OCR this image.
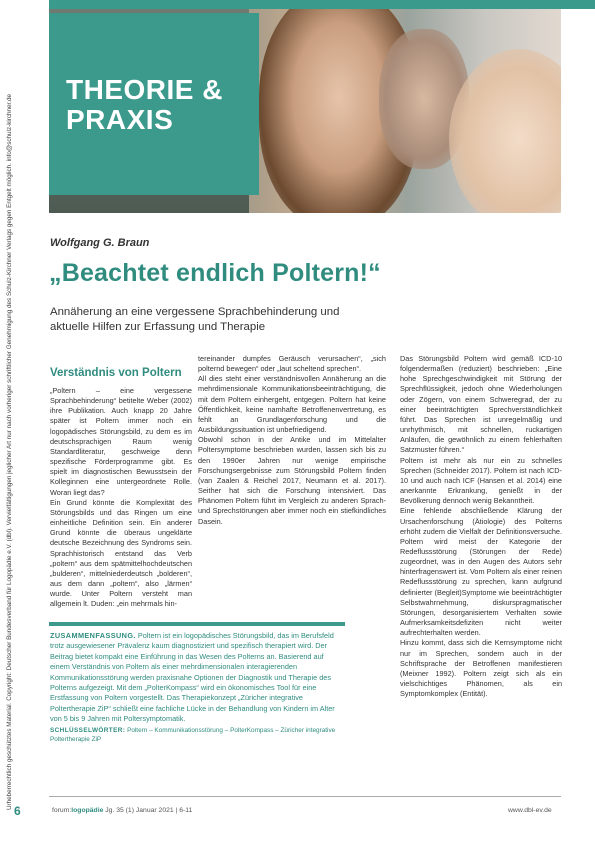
THEORIE &
PRAXIS
Urheberrechtlich geschütztes Material. Copyright: Deutscher Bundesverband für Logopädie e.V. (dbl). Vervielfältigungen jeglicher Art nur nach vorheriger schriftlicher Genehmigung des Schulz-Kirchner Verlags gegen Entgelt möglich. info@schulz-kirchner.de	Wolfgang G. Braun
„Beachtet endlich Poltern!“
Annäherung an eine vergessene Sprachbehinderung und aktuelle Hilfen zur Erfassung und Therapie
Verständnis von Poltern

„Poltern – eine vergessene Sprachbehinderung“ betitelte Weber (2002) ihre Publikation. Auch knapp 20 Jahre später ist Poltern immer noch ein logopädisches Störungsbild, zu dem es im deutschsprachigen Raum wenig Standardliteratur, geschweige denn spezifische Förderprogramme gibt. Es spielt im diagnostischen Bewusstsein der Kolleginnen eine untergeordnete Rolle. Woran liegt das?

Ein Grund könnte die Komplexität des Störungsbilds und das Ringen um eine einheitliche Definition sein. Ein anderer Grund könnte die überaus ungeklärte deutsche Bezeichnung des Syndroms sein. Sprachhistorisch entstand das Verb „poltern“ aus dem spätmittelhochdeutschen „bulderen“, mittelniederdeutsch „bolderen“, aus dem dann „poltern“, also „lärmen“ wurde. Unter Poltern versteht man allgemein lt. Duden: „ein mehrmals hin-

tereinander dumpfes Geräusch verursachen“, „sich polternd bewegen“ oder „laut scheltend sprechen“.

All dies steht einer verständnisvollen Annäherung an die mehrdimensionale Kommunikationsbeeinträchtigung, die mit dem Poltern einhergeht, entgegen. Poltern hat keine Öffentlichkeit, keine namhafte Betroffenenvertretung, es fehlt an Grundlagenforschung und die Ausbildungssituation ist unbefriedigend.

Obwohl schon in der Antike und im Mittelalter Poltersymptome beschrieben wurden, lassen sich bis zu den 1990er Jahren nur wenige empirische Forschungsergebnisse zum Störungsbild Poltern finden (van Zaalen & Reichel 2017, Neumann et al. 2017). Seither hat sich die Forschung intensiviert. Das Phänomen Poltern führt im Vergleich zu anderen Sprach- und Sprechstörungen aber immer noch ein stiefkindliches Dasein.

Das Störungsbild Poltern wird gemäß ICD-10 folgendermaßen (reduziert) beschrieben: „Eine hohe Sprechgeschwindigkeit mit Störung der Sprechflüssigkeit, jedoch ohne Wiederholungen oder Zögern, von einem Schweregrad, der zu einer beeinträchtigten Sprechverständlichkeit führt. Das Sprechen ist unregelmäßig und unrhythmisch, mit schnellen, ruckartigen Anläufen, die gewöhnlich zu einem fehlerhaften Satzmuster führen.“

Poltern ist mehr als nur ein zu schnelles Sprechen (Schneider 2017). Poltern ist nach ICD-10 und auch nach ICF (Hansen et al. 2014) eine anerkannte Erkrankung, genießt in der Bevölkerung dennoch wenig Bekanntheit.

Eine fehlende abschließende Klärung der Ursachenforschung (Ätiologie) des Polterns erhöht zudem die Vielfalt der Definitionsversuche. Poltern wird meist der Kategorie der Redeflussstörung (Störungen der Rede) zugeordnet, was in den Augen des Autors sehr hinterfragenswert ist. Vom Poltern als einer reinen Redeflussstörung zu sprechen, kann aufgrund definierter (Begleit)Symptome wie beeinträchtigter Selbstwahrnehmung, diskurspragmatischer Störungen, desorganisiertem Verhalten sowie Aufmerksamkeitsdefiziten nicht weiter aufrechterhalten werden.

Hinzu kommt, dass sich die Kernsymptome nicht nur im Sprechen, sondern auch in der Schriftsprache der Betroffenen manifestieren (Meixner 1992). Poltern zeigt sich als ein vielschichtiges Phänomen, als ein Symptomkomplex (Entität).

ZUSAMMENFASSUNG. Poltern ist ein logopädisches Störungsbild, das im Berufsfeld trotz ausgewiesener Prävalenz kaum diagnostiziert und spezifisch therapiert wird. Der Beitrag bietet kompakt eine Einführung in das Wesen des Polterns an. Basierend auf einem Verständnis von Poltern als einer mehrdimensionalen interagierenden Kommunikationsstörung werden praxisnahe Optionen der Diagnostik und Therapie des Polterns aufgezeigt. Mit dem „PolterKompass“ wird ein ökonomisches Tool für eine Erstfassung von Poltern vorgestellt. Das Therapiekonzept „Züricher integrative Poltertherapie ZiP“ schließt eine fachliche Lücke in der Behandlung von Kindern im Alter von 5 bis 9 Jahren mit Poltersymptomatik.
SCHLÜSSELWÖRTER: Poltern – Kommunikationsstörung – PolterKompass – Züricher integrative Poltertherapie ZiP
6	forum:logopädie Jg. 35 (1) Januar 2021 | 6-11	www.dbl-ev.de
